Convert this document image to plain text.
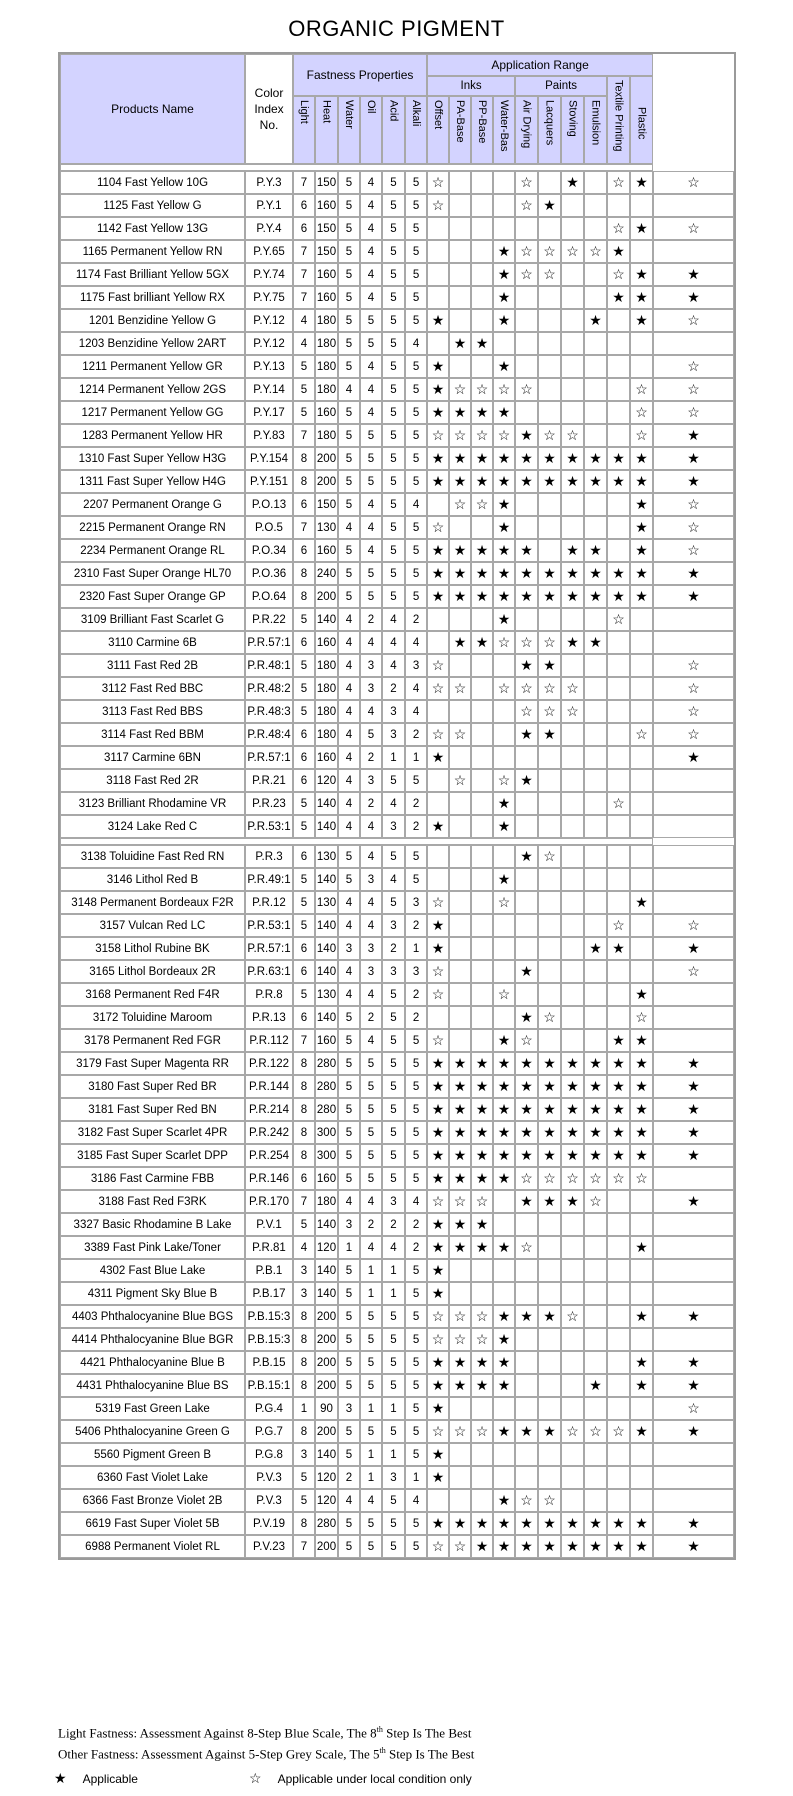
ORGANIC PIGMENT
Products Name	Color
Index
No.	Fastness Properties						Application Range										
								Inks				Paints				Textile Printing	Plastic	
		Light	Heat	Water	Oil	Acid	Alkali	Offset	PA-Base	PP-Base	Water-Bas	Air Drying	Lacquers	Stoving	Emulsion			

1104 Fast Yellow 10G	P.Y.3	7	150	5	4	5	5	☆				☆		★		☆	★	☆
1125 Fast Yellow G	P.Y.1	6	160	5	4	5	5	☆				☆	★					
1142 Fast Yellow 13G	P.Y.4	6	150	5	4	5	5									☆	★	☆
1165 Permanent Yellow RN	P.Y.65	7	150	5	4	5	5				★	☆	☆	☆	☆	★		
1174 Fast Brilliant Yellow 5GX	P.Y.74	7	160	5	4	5	5				★	☆	☆			☆	★	★
1175 Fast brilliant Yellow RX	P.Y.75	7	160	5	4	5	5				★					★	★	★
1201 Benzidine Yellow G	P.Y.12	4	180	5	5	5	5	★			★				★		★	☆
1203 Benzidine Yellow 2ART	P.Y.12	4	180	5	5	5	4		★	★								
1211 Permanent Yellow GR	P.Y.13	5	180	5	4	5	5	★			★							☆
1214 Permanent Yellow 2GS	P.Y.14	5	180	4	4	5	5	★	☆	☆	☆	☆					☆	☆
1217 Permanent Yellow GG	P.Y.17	5	160	5	4	5	5	★	★	★	★						☆	☆
1283 Permanent Yellow HR	P.Y.83	7	180	5	5	5	5	☆	☆	☆	☆	★	☆	☆			☆	★
1310 Fast Super Yellow H3G	P.Y.154	8	200	5	5	5	5	★	★	★	★	★	★	★	★	★	★	★
1311 Fast Super Yellow H4G	P.Y.151	8	200	5	5	5	5	★	★	★	★	★	★	★	★	★	★	★
2207 Permanent Orange G	P.O.13	6	150	5	4	5	4		☆	☆	★						★	☆
2215 Permanent Orange RN	P.O.5	7	130	4	4	5	5	☆			★						★	☆
2234 Permanent Orange RL	P.O.34	6	160	5	4	5	5	★	★	★	★	★		★	★		★	☆
2310 Fast Super Orange HL70	P.O.36	8	240	5	5	5	5	★	★	★	★	★	★	★	★	★	★	★
2320 Fast Super Orange GP	P.O.64	8	200	5	5	5	5	★	★	★	★	★	★	★	★	★	★	★
3109 Brilliant Fast Scarlet G	P.R.22	5	140	4	2	4	2				★					☆		
3110 Carmine 6B	P.R.57:1	6	160	4	4	4	4		★	★	☆	☆	☆	★	★			
3111 Fast Red 2B	P.R.48:1	5	180	4	3	4	3	☆				★	★					☆
3112 Fast Red BBC	P.R.48:2	5	180	4	3	2	4	☆	☆		☆	☆	☆	☆				☆
3113 Fast Red BBS	P.R.48:3	5	180	4	4	3	4					☆	☆	☆				☆
3114 Fast Red BBM	P.R.48:4	6	180	4	5	3	2	☆	☆			★	★				☆	☆
3117 Carmine 6BN	P.R.57:1	6	160	4	2	1	1	★										★
3118 Fast Red 2R	P.R.21	6	120	4	3	5	5		☆		☆	★						
3123 Brilliant Rhodamine VR	P.R.23	5	140	4	2	4	2				★					☆		
3124 Lake Red C	P.R.53:1	5	140	4	4	3	2	★			★							

3138 Toluidine Fast Red RN	P.R.3	6	130	5	4	5	5					★	☆					
3146 Lithol Red B	P.R.49:1	5	140	5	3	4	5				★							
3148 Permanent Bordeaux F2R	P.R.12	5	130	4	4	5	3	☆			☆						★	
3157 Vulcan Red LC	P.R.53:1	5	140	4	4	3	2	★								☆		☆
3158 Lithol Rubine BK	P.R.57:1	6	140	3	3	2	1	★							★	★		★
3165 Lithol Bordeaux 2R	P.R.63:1	6	140	4	3	3	3	☆				★						☆
3168 Permanent Red F4R	P.R.8	5	130	4	4	5	2	☆			☆						★	
3172 Toluidine Maroom	P.R.13	6	140	5	2	5	2					★	☆				☆	
3178 Permanent Red FGR	P.R.112	7	160	5	4	5	5	☆			★	☆				★	★	
3179 Fast Super Magenta RR	P.R.122	8	280	5	5	5	5	★	★	★	★	★	★	★	★	★	★	★
3180 Fast Super Red BR	P.R.144	8	280	5	5	5	5	★	★	★	★	★	★	★	★	★	★	★
3181 Fast Super Red BN	P.R.214	8	280	5	5	5	5	★	★	★	★	★	★	★	★	★	★	★
3182 Fast Super Scarlet 4PR	P.R.242	8	300	5	5	5	5	★	★	★	★	★	★	★	★	★	★	★
3185 Fast Super Scarlet DPP	P.R.254	8	300	5	5	5	5	★	★	★	★	★	★	★	★	★	★	★
3186 Fast Carmine FBB	P.R.146	6	160	5	5	5	5	★	★	★	★	☆	☆	☆	☆	☆	☆	
3188 Fast Red F3RK	P.R.170	7	180	4	4	3	4	☆	☆	☆		★	★	★	☆			★
3327 Basic Rhodamine B Lake	P.V.1	5	140	3	2	2	2	★	★	★								
3389 Fast Pink Lake/Toner	P.R.81	4	120	1	4	4	2	★	★	★	★	☆					★	
4302 Fast Blue Lake	P.B.1	3	140	5	1	1	5	★										
4311 Pigment Sky Blue B	P.B.17	3	140	5	1	1	5	★										
4403 Phthalocyanine Blue BGS	P.B.15:3	8	200	5	5	5	5	☆	☆	☆	★	★	★	☆			★	★
4414 Phthalocyanine Blue BGR	P.B.15:3	8	200	5	5	5	5	☆	☆	☆	★							
4421 Phthalocyanine Blue B	P.B.15	8	200	5	5	5	5	★	★	★	★						★	★
4431 Phthalocyanine Blue BS	P.B.15:1	8	200	5	5	5	5	★	★	★	★				★		★	★
5319 Fast Green Lake	P.G.4	1	90	3	1	1	5	★										☆
5406 Phthalocyanine Green G	P.G.7	8	200	5	5	5	5	☆	☆	☆	★	★	★	☆	☆	☆	★	★
5560 Pigment Green B	P.G.8	3	140	5	1	1	5	★										
6360 Fast Violet Lake	P.V.3	5	120	2	1	3	1	★										
6366 Fast Bronze Violet 2B	P.V.3	5	120	4	4	5	4				★	☆	☆					
6619 Fast Super Violet 5B	P.V.19	8	280	5	5	5	5	★	★	★	★	★	★	★	★	★	★	★
6988 Permanent Violet RL	P.V.23	7	200	5	5	5	5	☆	☆	★	★	★	★	★	★	★	★	★
Light Fastness: Assessment Against 8-Step Blue Scale, The 8th Step Is The Best
Other Fastness: Assessment Against 5-Step Grey Scale, The 5th Step Is The Best
★ Applicable	☆ Applicable under local condition only
